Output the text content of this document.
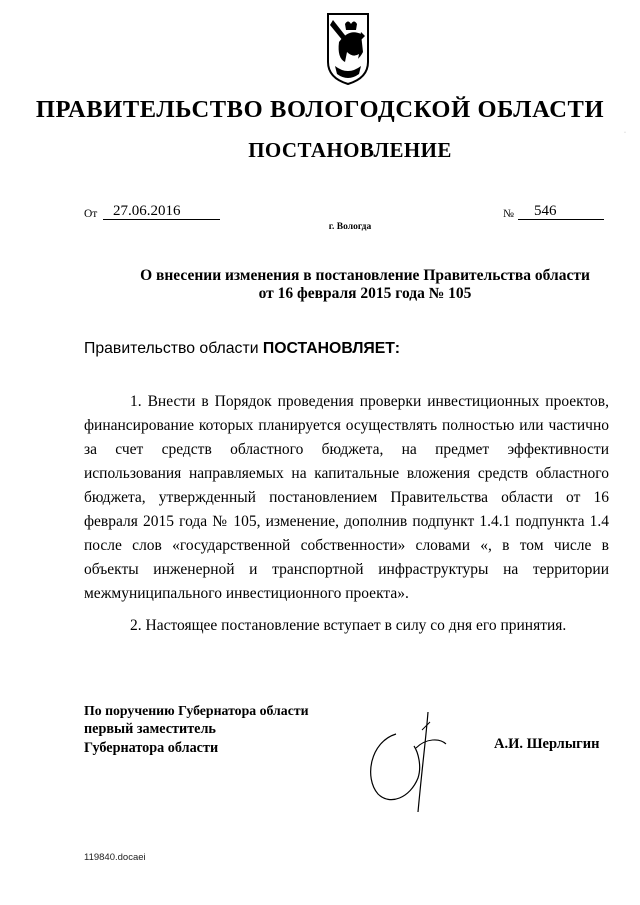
ПРАВИТЕЛЬСТВО ВОЛОГОДСКОЙ ОБЛАСТИ
ПОСТАНОВЛЕНИЕ
·
От	27.06.2016	№	546
г. Вологда
О внесении изменения в постановление Правительства области
от 16 февраля 2015 года № 105
Правительство области ПОСТАНОВЛЯЕТ:

1. Внести в Порядок проведения проверки инвестиционных проектов, финансирование которых планируется осуществлять полностью или частично за счет средств областного бюджета, на предмет эффективности использования направляемых на капитальные вложения средств областного бюджета, утвержденный постановлением Правительства области от 16 февраля 2015 года № 105, изменение, дополнив подпункт 1.4.1 подпункта 1.4 после слов «государственной собственности» словами «, в том числе в объекты инженерной и транспортной инфраструктуры на территории межмуниципального инвестиционного проекта».

2. Настоящее постановление вступает в силу со дня его принятия.

По поручению Губернатора области
первый заместитель
Губернатора области	А.И. Шерлыгин
119840.docaei
